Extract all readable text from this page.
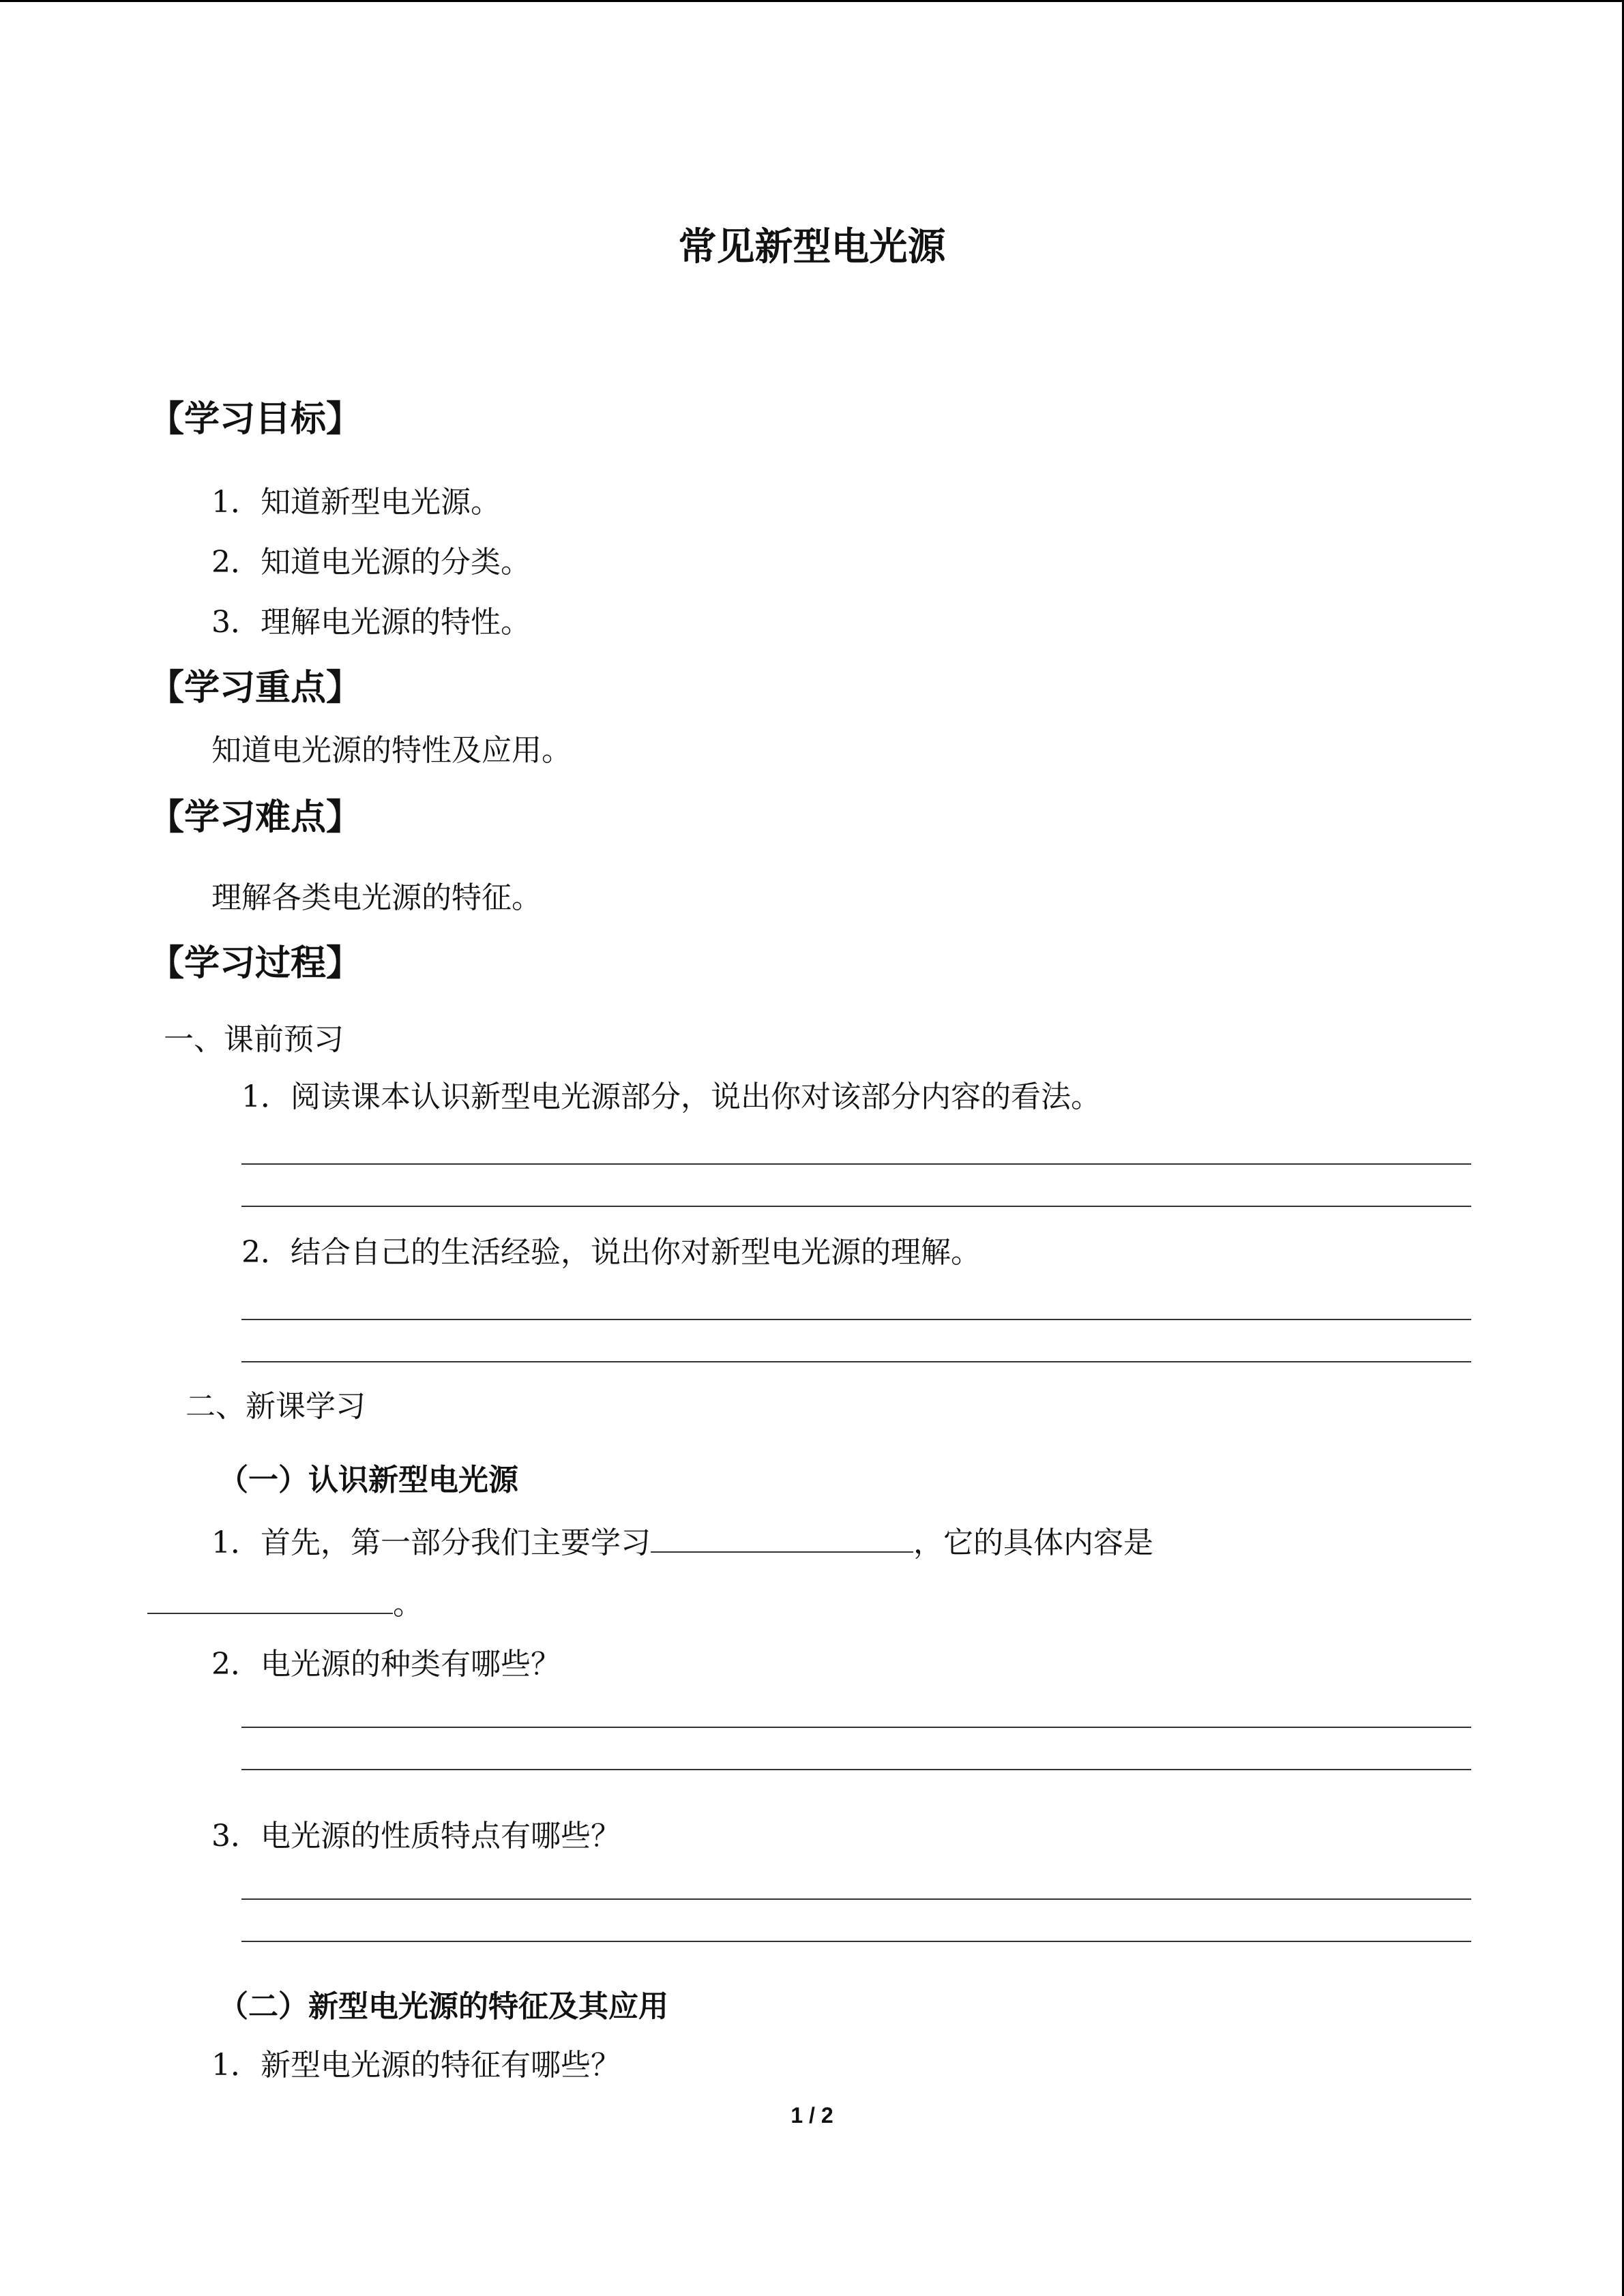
常见新型电光源
【学习目标】
1．知道新型电光源。
2．知道电光源的分类。
3．理解电光源的特性。
【学习重点】
知道电光源的特性及应用。
【学习难点】
理解各类电光源的特征。
【学习过程】
一、课前预习
1．阅读课本认识新型电光源部分，说出你对该部分内容的看法。
2．结合自己的生活经验，说出你对新型电光源的理解。
二、新课学习
（一）认识新型电光源
1．首先，第一部分我们主要学习	，它的具体内容是
。
2．电光源的种类有哪些？
3．电光源的性质特点有哪些？
（二）新型电光源的特征及其应用
1．新型电光源的特征有哪些？
1 / 2
